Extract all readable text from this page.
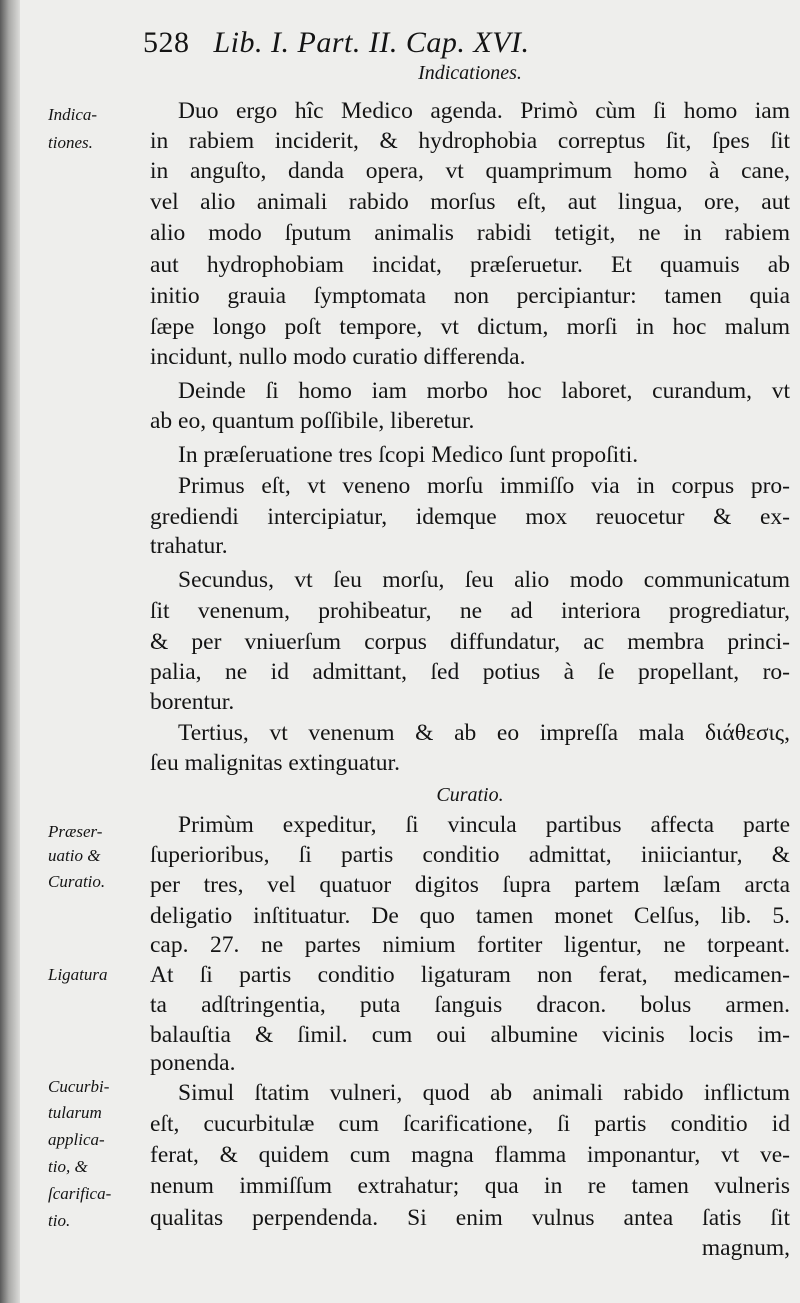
528 Lib. I. Part. II. Cap. XVI.
Indicationes.
Indica-
tiones.
Præser-
uatio &
Curatio.
Ligatura
Cucurbi-
tularum
applica-
tio, &
ſcarifica-
tio.
Duo ergo hîc Medico agenda. Primò cùm ſi homo iam
in rabiem inciderit, & hydrophobia correptus ſit, ſpes ſit
in anguſto, danda opera, vt quamprimum homo à cane,
vel alio animali rabido morſus eſt, aut lingua, ore, aut
alio modo ſputum animalis rabidi tetigit, ne in rabiem
aut hydrophobiam incidat, præſeruetur. Et quamuis ab
initio grauia ſymptomata non percipiantur: tamen quia
ſæpe longo poſt tempore, vt dictum, morſi in hoc malum
incidunt, nullo modo curatio differenda.
Deinde ſi homo iam morbo hoc laboret, curandum, vt
ab eo, quantum poſſibile, liberetur.
In præſeruatione tres ſcopi Medico ſunt propoſiti.
Primus eſt, vt veneno morſu immiſſo via in corpus pro-
grediendi intercipiatur, idemque mox reuocetur & ex-
trahatur.
Secundus, vt ſeu morſu, ſeu alio modo communicatum
ſit venenum, prohibeatur, ne ad interiora progrediatur,
& per vniuerſum corpus diffundatur, ac membra princi-
palia, ne id admittant, ſed potius à ſe propellant, ro-
borentur.
Tertius, vt venenum & ab eo impreſſa mala διάθεσις,
ſeu malignitas extinguatur.
Curatio.
Primùm expeditur, ſi vincula partibus affecta parte
ſuperioribus, ſi partis conditio admittat, iniiciantur, &
per tres, vel quatuor digitos ſupra partem læſam arcta
deligatio inſtituatur. De quo tamen monet Celſus, lib. 5.
cap. 27. ne partes nimium fortiter ligentur, ne torpeant.
At ſi partis conditio ligaturam non ferat, medicamen-
ta adſtringentia, puta ſanguis dracon. bolus armen.
balauſtia & ſimil. cum oui albumine vicinis locis im-
ponenda.
Simul ſtatim vulneri, quod ab animali rabido inflictum
eſt, cucurbitulæ cum ſcarificatione, ſi partis conditio id
ferat, & quidem cum magna flamma imponantur, vt ve-
nenum immiſſum extrahatur; qua in re tamen vulneris
qualitas perpendenda. Si enim vulnus antea ſatis ſit
magnum,
